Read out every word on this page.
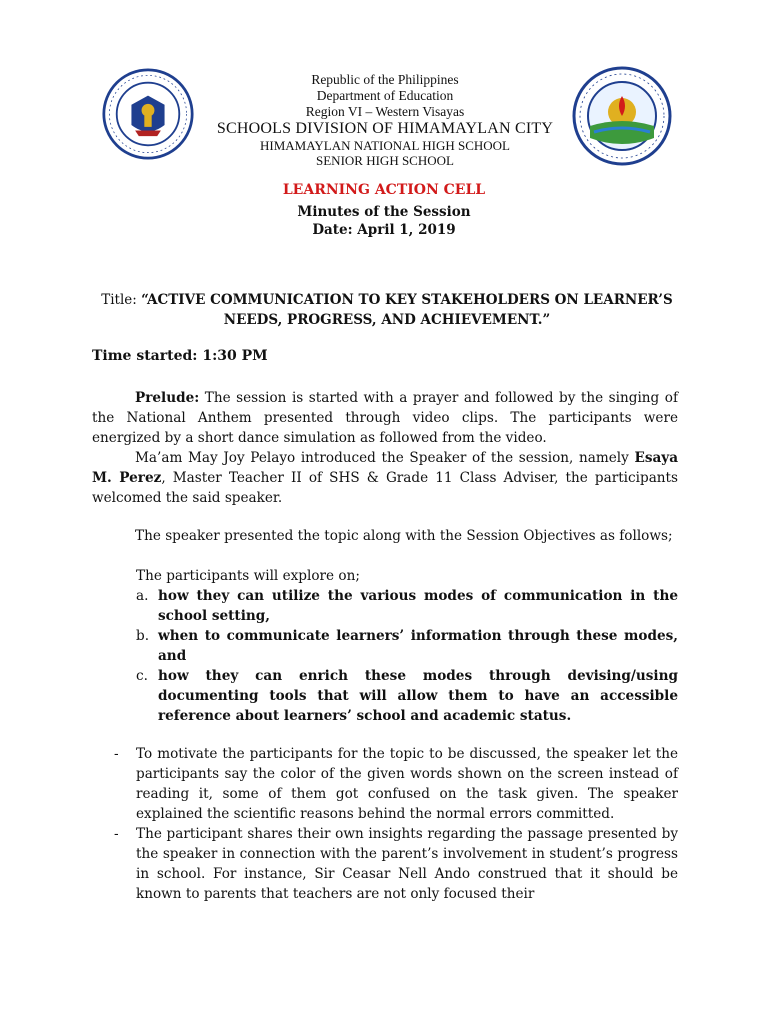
Republic of the Philippines
Department of Education
Region VI – Western Visayas
SCHOOLS DIVISION OF HIMAMAYLAN CITY
HIMAMAYLAN NATIONAL HIGH SCHOOL
SENIOR HIGH SCHOOL
LEARNING ACTION CELL
Minutes of the Session
Date: April 1, 2019
Title: “ACTIVE COMMUNICATION TO KEY STAKEHOLDERS ON LEARNER’S NEEDS, PROGRESS, AND ACHIEVEMENT.”
Time started: 1:30 PM

Prelude: The session is started with a prayer and followed by the singing of the National Anthem presented through video clips. The participants were energized by a short dance simulation as followed from the video.

Ma’am May Joy Pelayo introduced the Speaker of the session, namely Esaya M. Perez, Master Teacher II of SHS & Grade 11 Class Adviser, the participants welcomed the said speaker.

The speaker presented the topic along with the Session Objectives as follows;

The participants will explore on;
a. how they can utilize the various modes of communication in the school setting,
b. when to communicate learners’ information through these modes, and
c. how they can enrich these modes through devising/using documenting tools that will allow them to have an accessible reference about learners’ school and academic status.
- To motivate the participants for the topic to be discussed, the speaker let the participants say the color of the given words shown on the screen instead of reading it, some of them got confused on the task given. The speaker explained the scientific reasons behind the normal errors committed.
- The participant shares their own insights regarding the passage presented by the speaker in connection with the parent’s involvement in student’s progress in school. For instance, Sir Ceasar Nell Ando construed that it should be known to parents that teachers are not only focused their
